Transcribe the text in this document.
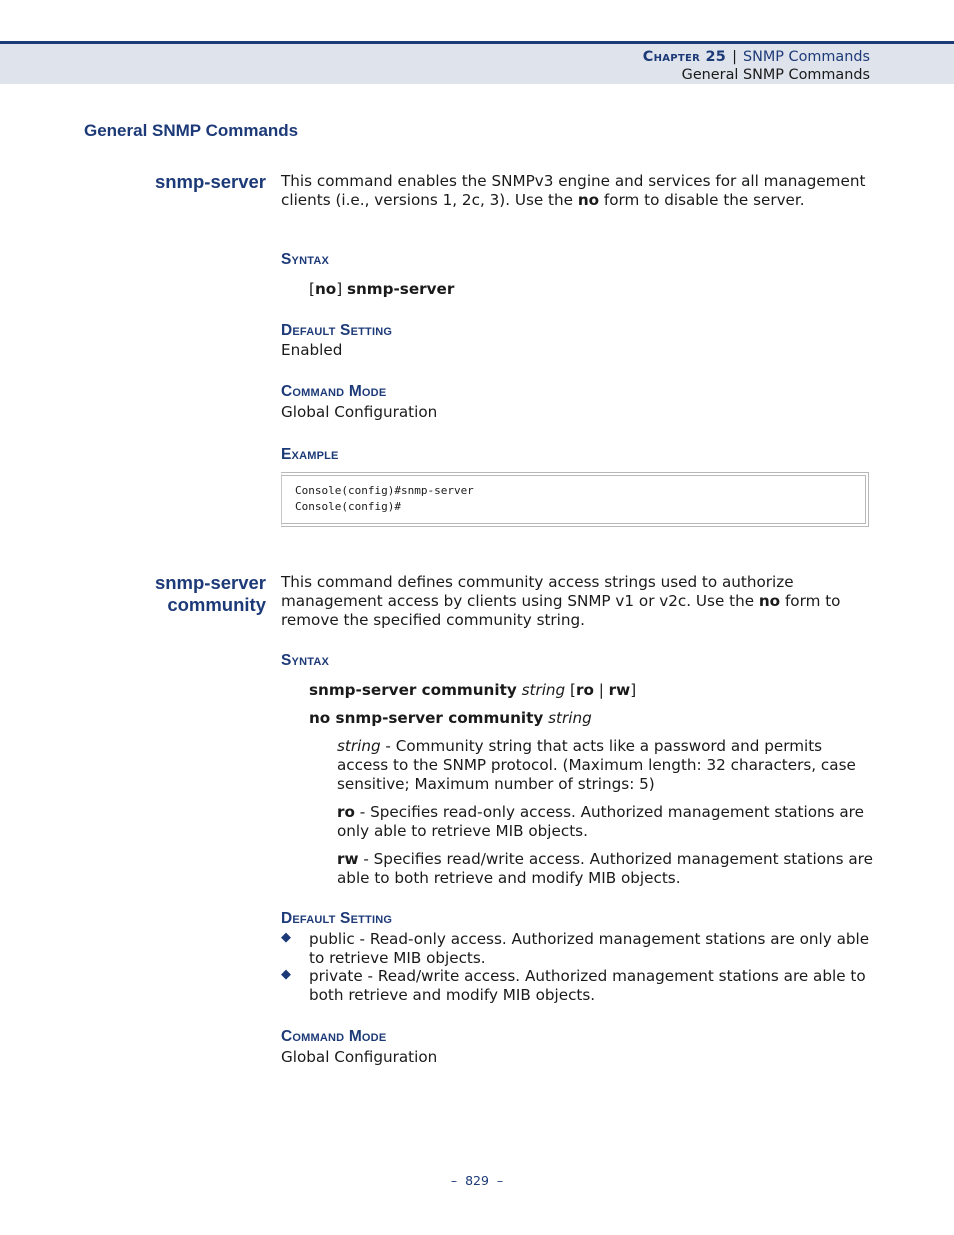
Chapter 25 | SNMP Commands
General SNMP Commands
General SNMP Commands
snmp-server This command enables the SNMPv3 engine and services for all management clients (i.e., versions 1, 2c, 3). Use the no form to disable the server.

Syntax
[no] snmp-server
Default Setting
Enabled
Command Mode
Global Configuration
Example
Console(config)#snmp-server
Console(config)#
snmp-server
community

This command defines community access strings used to authorize management access by clients using SNMP v1 or v2c. Use the no form to remove the specified community string.

Syntax
snmp-server community string [ro | rw]
no snmp-server community string
string - Community string that acts like a password and permits access to the SNMP protocol. (Maximum length: 32 characters, case sensitive; Maximum number of strings: 5)
ro - Specifies read-only access. Authorized management stations are only able to retrieve MIB objects.
rw - Specifies read/write access. Authorized management stations are able to both retrieve and modify MIB objects.
Default Setting
◆ public - Read-only access. Authorized management stations are only able to retrieve MIB objects.
◆ private - Read/write access. Authorized management stations are able to both retrieve and modify MIB objects.
Command Mode
Global Configuration
– 829 –
